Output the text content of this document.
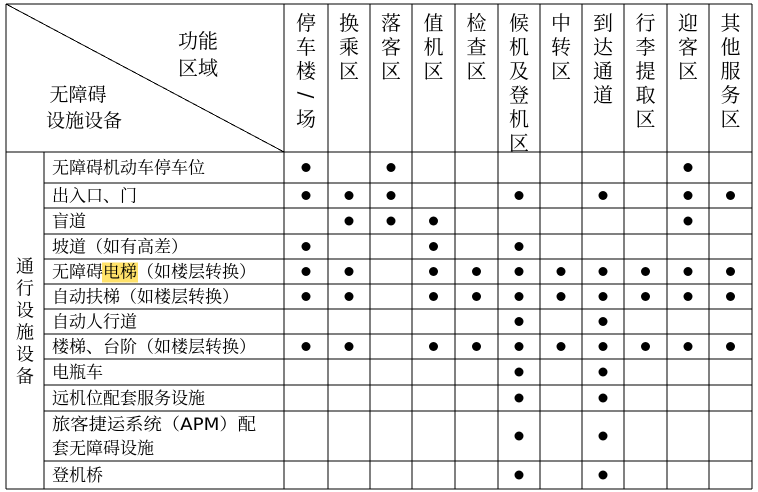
功能
区域
无障碍
设施设备
停
车
楼
/
场
换
乘
区
落
客
区
值
机
区
检
查
区
候
机
及
登
机
区
中
转
区
到
达
通
道
行
李
提
取
区
迎
客
区
其
他
服
务
区
通
行
设
施
设
备
无障碍机动车停车位
出入口、门
盲道
坡道（如有高差）
无障碍电梯（如楼层转换）
自动扶梯（如楼层转换）
自动人行道
楼梯、台阶（如楼层转换）
电瓶车
远机位配套服务设施
旅客捷运系统（APM）配
套无障碍设施
登机桥
